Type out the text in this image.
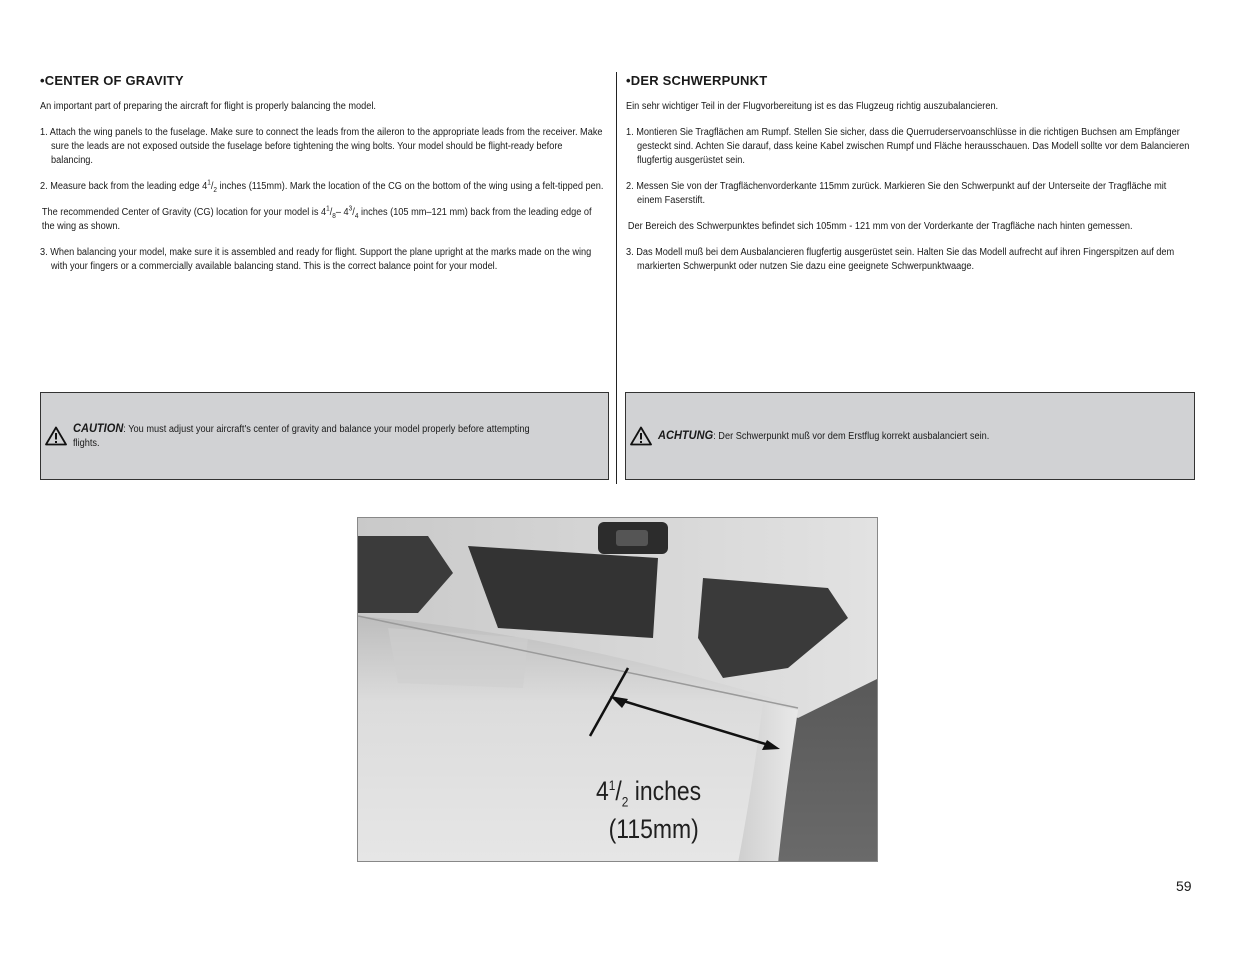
•CENTER OF GRAVITY

An important part of preparing the aircraft for flight is properly balancing the model.

1. Attach the wing panels to the fuselage. Make sure to connect the leads from the aileron to the appropriate leads from the receiver. Make sure the leads are not exposed outside the fuselage before tightening the wing bolts. Your model should be flight-ready before balancing.

2. Measure back from the leading edge $4^1/_2$ inches (115mm). Mark the location of the CG on the bottom of the wing using a felt-tipped pen.

The recommended Center of Gravity (CG) location for your model is $4^1/_8-$ $4^3/_4$ inches (105 mm–121 mm) back from the leading edge of the wing as shown.

3. When balancing your model, make sure it is assembled and ready for flight. Support the plane upright at the marks made on the wing with your fingers or a commercially available balancing stand. This is the correct balance point for your model.

•DER SCHWERPUNKT

Ein sehr wichtiger Teil in der Flugvorbereitung ist es das Flugzeug richtig auszubalancieren.

1. Montieren Sie Tragflächen am Rumpf. Stellen Sie sicher, dass die Querruderservoanschlüsse in die richtigen Buchsen am Empfänger gesteckt sind. Achten Sie darauf, dass keine Kabel zwischen Rumpf und Fläche herausschauen. Das Modell sollte vor dem Balancieren flugfertig ausgerüstet sein.

2. Messen Sie von der Tragflächenvorderkante 115mm zurück. Markieren Sie den Schwerpunkt auf der Unterseite der Tragfläche mit einem Faserstift.

Der Bereich des Schwerpunktes befindet sich 105mm - 121 mm von der Vorderkante der Tragfläche nach hinten gemessen.

3. Das Modell muß bei dem Ausbalancieren flugfertig ausgerüstet sein. Halten Sie das Modell aufrecht auf ihren Fingerspitzen auf dem markierten Schwerpunkt oder nutzen Sie dazu eine geeignete Schwerpunktwaage.

CAUTION: You must adjust your aircraft's center of gravity and balance your model properly before attempting flights.
ACHTUNG: Der Schwerpunkt muß vor dem Erstflug korrekt ausbalanciert sein.
$4^1/_2$ inches
(115mm)
59
